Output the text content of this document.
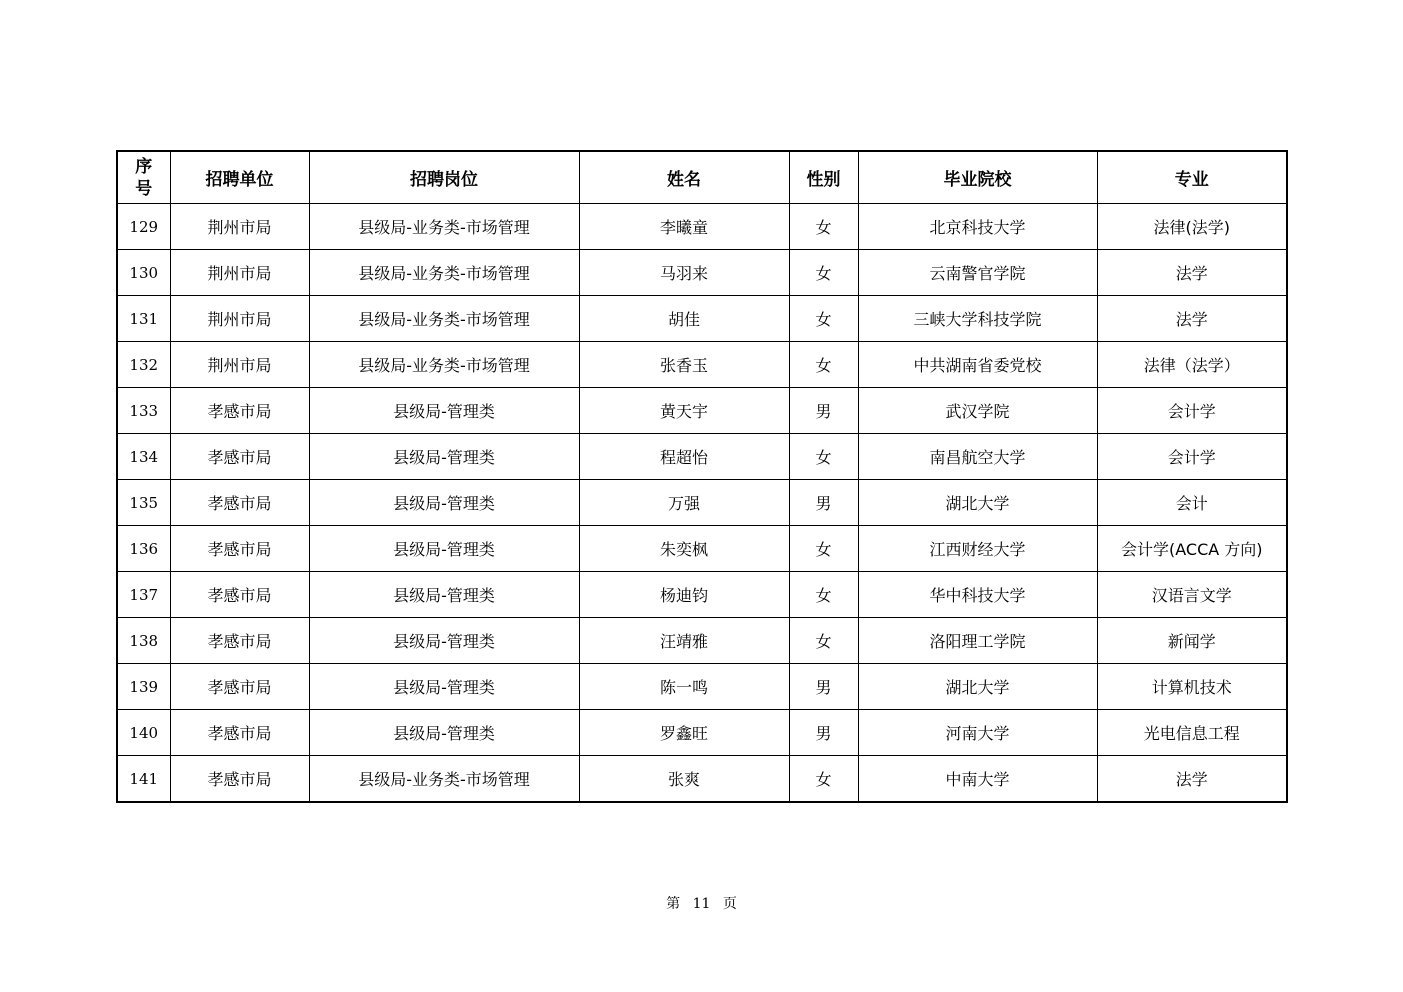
序
号	招聘单位	招聘岗位	姓名	性别	毕业院校	专业
129	荆州市局	县级局-业务类-市场管理	李曦童	女	北京科技大学	法律(法学)
130	荆州市局	县级局-业务类-市场管理	马羽来	女	云南警官学院	法学
131	荆州市局	县级局-业务类-市场管理	胡佳	女	三峡大学科技学院	法学
132	荆州市局	县级局-业务类-市场管理	张香玉	女	中共湖南省委党校	法律（法学）
133	孝感市局	县级局-管理类	黄天宇	男	武汉学院	会计学
134	孝感市局	县级局-管理类	程超怡	女	南昌航空大学	会计学
135	孝感市局	县级局-管理类	万强	男	湖北大学	会计
136	孝感市局	县级局-管理类	朱奕枫	女	江西财经大学	会计学(ACCA 方向)
137	孝感市局	县级局-管理类	杨迪钧	女	华中科技大学	汉语言文学
138	孝感市局	县级局-管理类	汪靖雅	女	洛阳理工学院	新闻学
139	孝感市局	县级局-管理类	陈一鸣	男	湖北大学	计算机技术
140	孝感市局	县级局-管理类	罗鑫旺	男	河南大学	光电信息工程
141	孝感市局	县级局-业务类-市场管理	张爽	女	中南大学	法学
第 11 页
